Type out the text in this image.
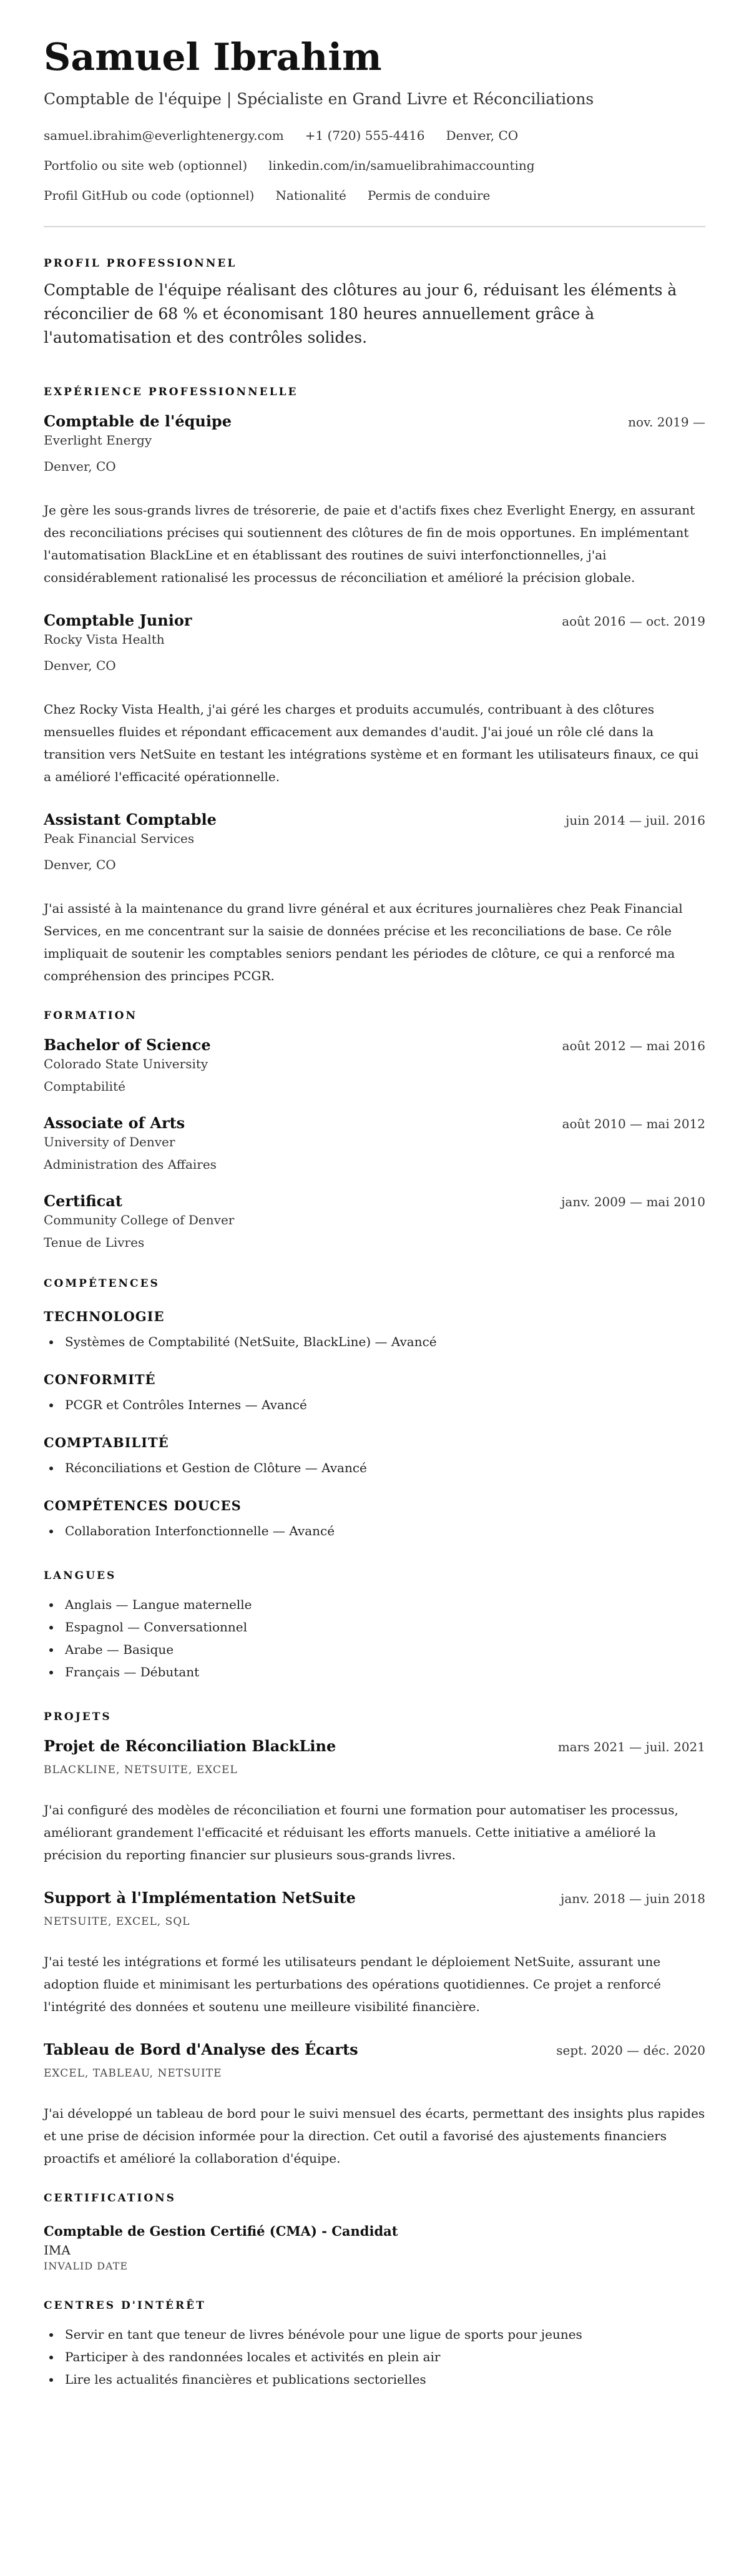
Samuel Ibrahim
Comptable de l'équipe | Spécialiste en Grand Livre et Réconciliations
samuel.ibrahim@everlightenergy.com +1 (720) 555-4416 Denver, CO
Portfolio ou site web (optionnel) linkedin.com/in/samuelibrahimaccounting
Profil GitHub ou code (optionnel) Nationalité Permis de conduire
PROFIL PROFESSIONNEL
Comptable de l'équipe réalisant des clôtures au jour 6, réduisant les éléments à réconcilier de 68 % et économisant 180 heures annuellement grâce à l'automatisation et des contrôles solides.
EXPÉRIENCE PROFESSIONNELLE
Comptable de l'équipe	nov. 2019 —
Everlight Energy
Denver, CO
Je gère les sous-grands livres de trésorerie, de paie et d'actifs fixes chez Everlight Energy, en assurant des reconciliations précises qui soutiennent des clôtures de fin de mois opportunes. En implémentant l'automatisation BlackLine et en établissant des routines de suivi interfonctionnelles, j'ai considérablement rationalisé les processus de réconciliation et amélioré la précision globale.
Comptable Junior	août 2016 — oct. 2019
Rocky Vista Health
Denver, CO
Chez Rocky Vista Health, j'ai géré les charges et produits accumulés, contribuant à des clôtures mensuelles fluides et répondant efficacement aux demandes d'audit. J'ai joué un rôle clé dans la transition vers NetSuite en testant les intégrations système et en formant les utilisateurs finaux, ce qui a amélioré l'efficacité opérationnelle.
Assistant Comptable	juin 2014 — juil. 2016
Peak Financial Services
Denver, CO
J'ai assisté à la maintenance du grand livre général et aux écritures journalières chez Peak Financial Services, en me concentrant sur la saisie de données précise et les reconciliations de base. Ce rôle impliquait de soutenir les comptables seniors pendant les périodes de clôture, ce qui a renforcé ma compréhension des principes PCGR.
FORMATION
Bachelor of Science	août 2012 — mai 2016
Colorado State University
Comptabilité
Associate of Arts	août 2010 — mai 2012
University of Denver
Administration des Affaires
Certificat	janv. 2009 — mai 2010
Community College of Denver
Tenue de Livres
COMPÉTENCES
TECHNOLOGIE
• Systèmes de Comptabilité (NetSuite, BlackLine) — Avancé
CONFORMITÉ
• PCGR et Contrôles Internes — Avancé
COMPTABILITÉ
• Réconciliations et Gestion de Clôture — Avancé
COMPÉTENCES DOUCES
• Collaboration Interfonctionnelle — Avancé
LANGUES
• Anglais — Langue maternelle
• Espagnol — Conversationnel
• Arabe — Basique
• Français — Débutant
PROJETS
Projet de Réconciliation BlackLine	mars 2021 — juil. 2021
BLACKLINE, NETSUITE, EXCEL
J'ai configuré des modèles de réconciliation et fourni une formation pour automatiser les processus, améliorant grandement l'efficacité et réduisant les efforts manuels. Cette initiative a amélioré la précision du reporting financier sur plusieurs sous-grands livres.
Support à l'Implémentation NetSuite	janv. 2018 — juin 2018
NETSUITE, EXCEL, SQL
J'ai testé les intégrations et formé les utilisateurs pendant le déploiement NetSuite, assurant une adoption fluide et minimisant les perturbations des opérations quotidiennes. Ce projet a renforcé l'intégrité des données et soutenu une meilleure visibilité financière.
Tableau de Bord d'Analyse des Écarts	sept. 2020 — déc. 2020
EXCEL, TABLEAU, NETSUITE
J'ai développé un tableau de bord pour le suivi mensuel des écarts, permettant des insights plus rapides et une prise de décision informée pour la direction. Cet outil a favorisé des ajustements financiers proactifs et amélioré la collaboration d'équipe.
CERTIFICATIONS
Comptable de Gestion Certifié (CMA) - Candidat
IMA
INVALID DATE
CENTRES D'INTÉRÊT
• Servir en tant que teneur de livres bénévole pour une ligue de sports pour jeunes
• Participer à des randonnées locales et activités en plein air
• Lire les actualités financières et publications sectorielles
